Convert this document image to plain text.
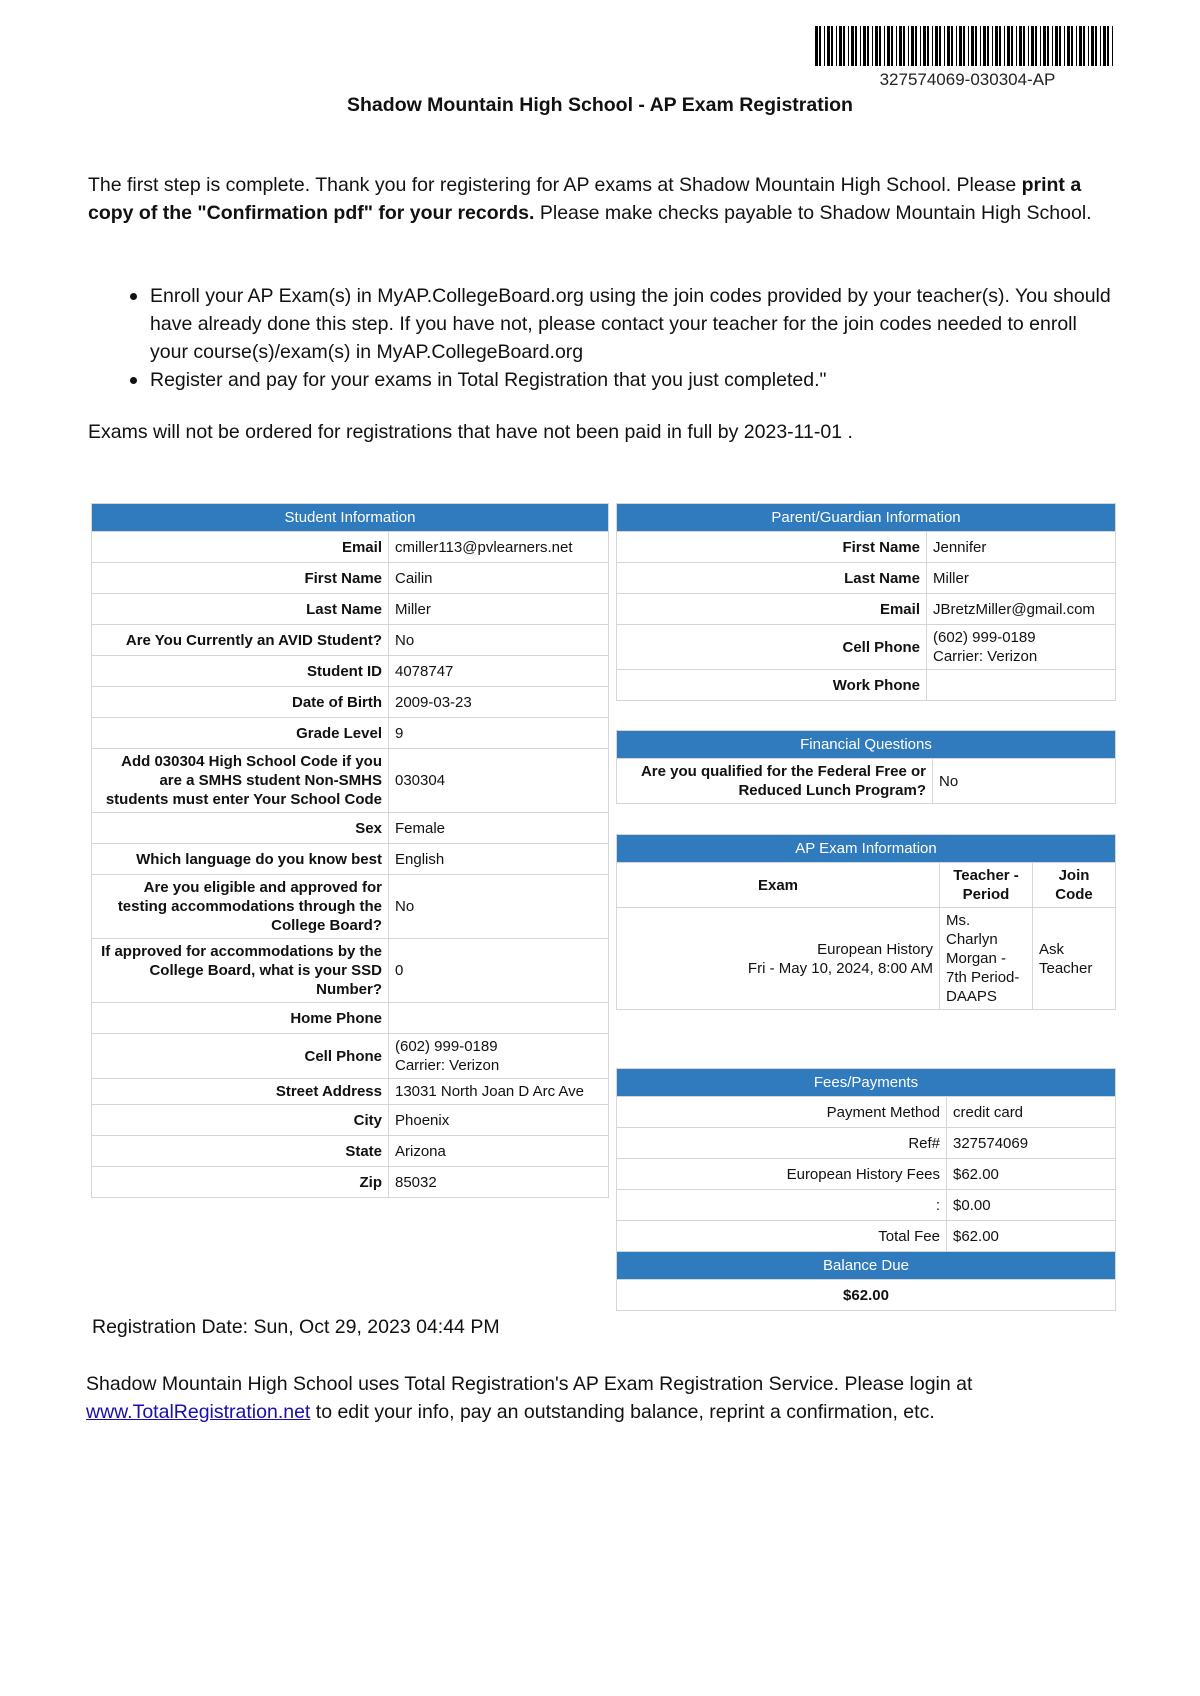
327574069-030304-AP
Shadow Mountain High School - AP Exam Registration

The first step is complete. Thank you for registering for AP exams at Shadow Mountain High School. Please print a copy of the "Confirmation pdf" for your records. Please make checks payable to Shadow Mountain High School.

Enroll your AP Exam(s) in MyAP.CollegeBoard.org using the join codes provided by your teacher(s). You should have already done this step. If you have not, please contact your teacher for the join codes needed to enroll your course(s)/exam(s) in MyAP.CollegeBoard.org
Register and pay for your exams in Total Registration that you just completed."

Exams will not be ordered for registrations that have not been paid in full by 2023-11-01 .

Student Information	
Email	cmiller113@pvlearners.net
First Name	Cailin
Last Name	Miller
Are You Currently an AVID Student?	No
Student ID	4078747
Date of Birth	2009-03-23
Grade Level	9
Add 030304 High School Code if you are a SMHS student Non-SMHS students must enter Your School Code	030304
Sex	Female
Which language do you know best	English
Are you eligible and approved for testing accommodations through the College Board?	No
If approved for accommodations by the College Board, what is your SSD Number?	0
Home Phone	
Cell Phone	(602) 999-0189
Carrier: Verizon

Street Address	13031 North Joan D Arc Ave
City	Phoenix
State	Arizona
Zip	85032
Parent/Guardian Information	
First Name	Jennifer
Last Name	Miller
Email	JBretzMiller@gmail.com
Cell Phone	(602) 999-0189
Carrier: Verizon

Work Phone	
Financial Questions
Are you qualified for the Federal Free or Reduced Lunch Program?	No
AP Exam Information		
Exam	Teacher - Period	Join Code

European History
Fri - May 10, 2024, 8:00 AM	Ms. Charlyn Morgan - 7th Period- DAAPS	Ask Teacher
Fees/Payments	
Payment Method	credit card
Ref#	327574069
European History Fees	$62.00
:	$0.00
Total Fee	$62.00
Balance Due	
$62.00	

Registration Date: Sun, Oct 29, 2023 04:44 PM

Shadow Mountain High School uses Total Registration's AP Exam Registration Service. Please login at www.TotalRegistration.net to edit your info, pay an outstanding balance, reprint a confirmation, etc.
